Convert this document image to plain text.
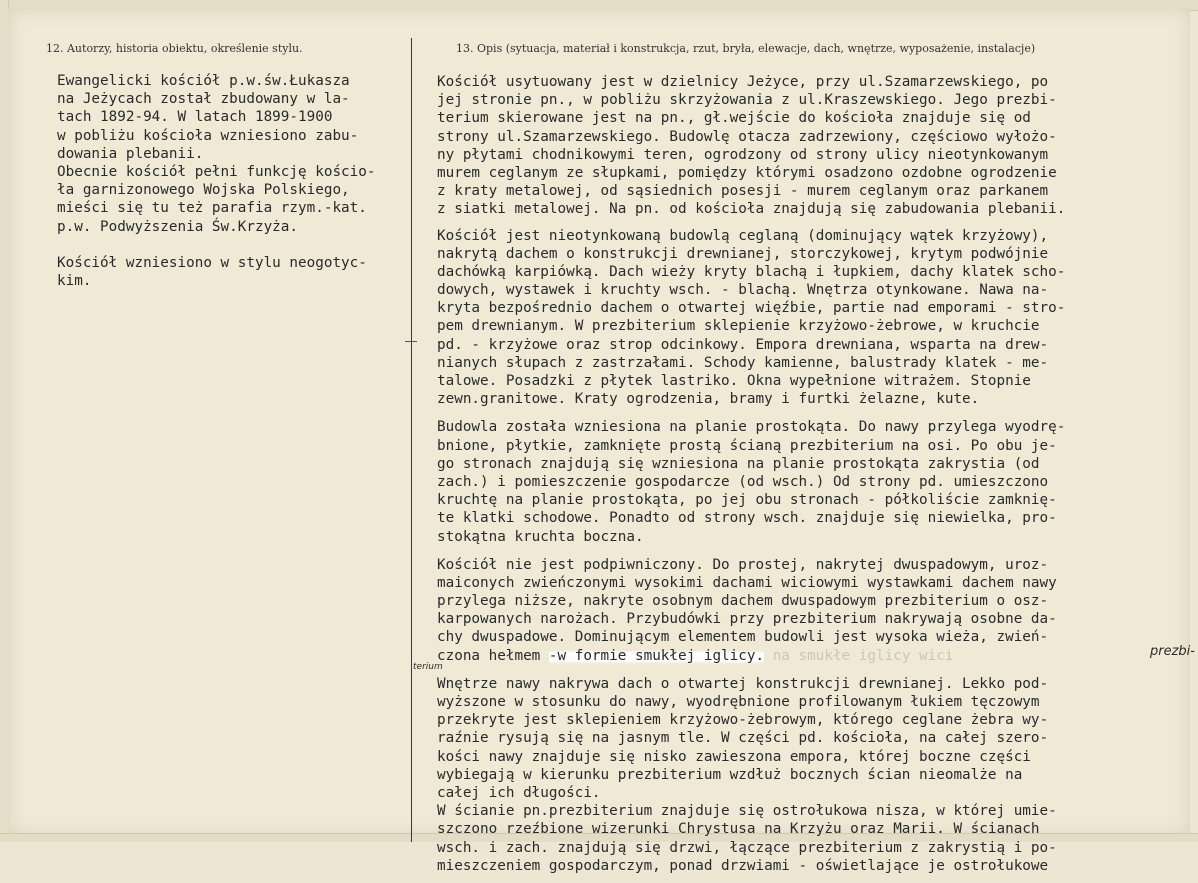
12. Autorzy, historia obiektu, określenie stylu.	13. Opis (sytuacja, materiał i konstrukcja, rzut, bryła, elewacje, dach, wnętrze, wyposażenie, instalacje)

Ewangelicki kościół p.w.św.Łukasza

na Jeżycach został zbudowany w la-

tach 1892-94. W latach 1899-1900

w pobliżu kościoła wzniesiono zabu-

dowania plebanii.

Obecnie kościół pełni funkcję kościo-

ła garnizonowego Wojska Polskiego,

mieści się tu też parafia rzym.-kat.

p.w. Podwyższenia Św.Krzyża.

Kościół wzniesiono w stylu neogotyc-

kim.

Kościół usytuowany jest w dzielnicy Jeżyce, przy ul.Szamarzewskiego, po
jej stronie pn., w pobliżu skrzyżowania z ul.Kraszewskiego. Jego prezbi-
terium skierowane jest na pn., gł.wejście do kościoła znajduje się od
strony ul.Szamarzewskiego. Budowlę otacza zadrzewiony, częściowo wyłożo-
ny płytami chodnikowymi teren, ogrodzony od strony ulicy nieotynkowanym
murem ceglanym ze słupkami, pomiędzy którymi osadzono ozdobne ogrodzenie
z kraty metalowej, od sąsiednich posesji - murem ceglanym oraz parkanem
z siatki metalowej. Na pn. od kościoła znajdują się zabudowania plebanii.
Kościół jest nieotynkowaną budowlą ceglaną (dominujący wątek krzyżowy),
nakrytą dachem o konstrukcji drewnianej, storczykowej, krytym podwójnie
dachówką karpiówką. Dach wieży kryty blachą i łupkiem, dachy klatek scho-
dowych, wystawek i kruchty wsch. - blachą. Wnętrza otynkowane. Nawa na-
kryta bezpośrednio dachem o otwartej więźbie, partie nad emporami - stro-
pem drewnianym. W prezbiterium sklepienie krzyżowo-żebrowe, w kruchcie
pd. - krzyżowe oraz strop odcinkowy. Empora drewniana, wsparta na drew-
nianych słupach z zastrzałami. Schody kamienne, balustrady klatek - me-
talowe. Posadzki z płytek lastriko. Okna wypełnione witrażem. Stopnie
zewn.granitowe. Kraty ogrodzenia, bramy i furtki żelazne, kute.
Budowla została wzniesiona na planie prostokąta. Do nawy przylega wyodrę-
bnione, płytkie, zamknięte prostą ścianą prezbiterium na osi. Po obu je-
go stronach znajdują się wzniesiona na planie prostokąta zakrystia (od
zach.) i pomieszczenie gospodarcze (od wsch.) Od strony pd. umieszczono
kruchtę na planie prostokąta, po jej obu stronach - półkoliście zamknię-
te klatki schodowe. Ponadto od strony wsch. znajduje się niewielka, pro-
stokątna kruchta boczna.
Kościół nie jest podpiwniczony. Do prostej, nakrytej dwuspadowym, uroz-
maiconych zwieńczonymi wysokimi dachami wiciowymi wystawkami dachem nawy
przylega niższe, nakryte osobnym dachem dwuspadowym prezbiterium o osz-
karpowanych narożach. Przybudówki przy prezbiterium nakrywają osobne da-
chy dwuspadowe. Dominującym elementem budowli jest wysoka wieża, zwień-
czona hełmem -w formie smukłej iglicy. na smukłe iglicy wici
Wnętrze nawy nakrywa dach o otwartej konstrukcji drewnianej. Lekko pod-
wyższone w stosunku do nawy, wyodrębnione profilowanym łukiem tęczowym
przekryte jest sklepieniem krzyżowo-żebrowym, którego ceglane żebra wy-
raźnie rysują się na jasnym tle. W części pd. kościoła, na całej szero-
kości nawy znajduje się nisko zawieszona empora, której boczne części
wybiegają w kierunku prezbiterium wzdłuż bocznych ścian nieomalże na
całej ich długości.
W ścianie pn.prezbiterium znajduje się ostrołukowa nisza, w której umie-
szczono rzeźbione wizerunki Chrystusa na Krzyżu oraz Marii. W ścianach
wsch. i zach. znajdują się drzwi, łączące prezbiterium z zakrystią i po-
mieszczeniem gospodarczym, ponad drzwiami - oświetlające je ostrołukowe
prezbi-
terium
